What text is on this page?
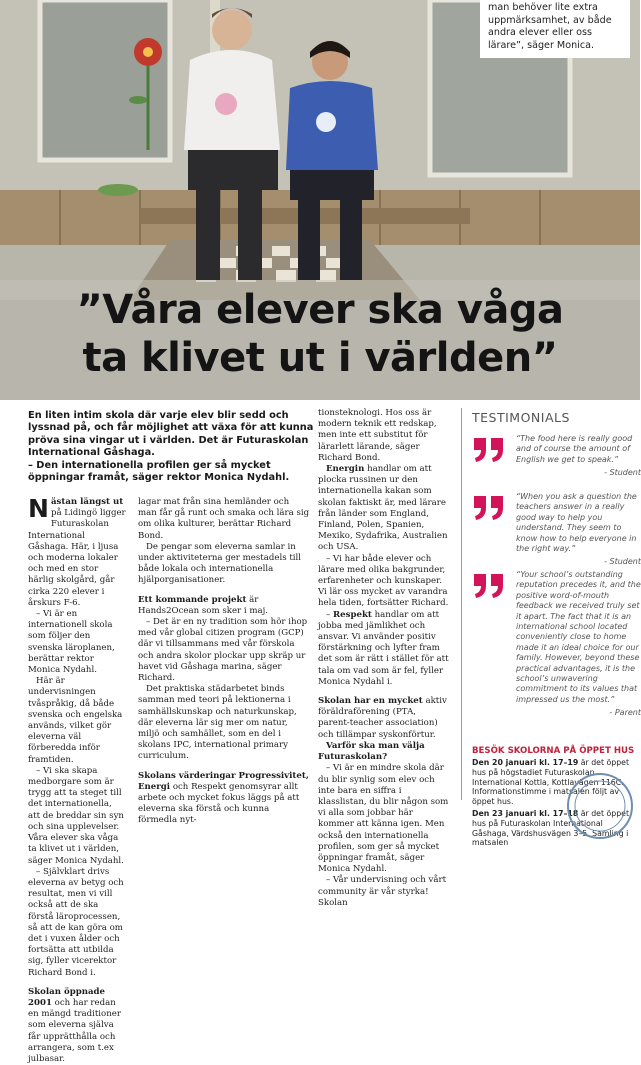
man behöver lite extra uppmärksamhet, av både andra elever eller oss lärare”, säger Monica.
”Våra elever ska våga
ta klivet ut i världen”

En liten intim skola där varje elev blir sedd och lyssnad på, och får möjlighet att växa för att kunna pröva sina vingar ut i världen. Det är Futuraskolan International Gåshaga.

– Den internationella profilen ger så mycket öppningar framåt, säger rektor Monica Nydahl.

Nästan längst ut på Lidingö ligger Futuraskolan International Gåshaga. Här, i ljusa och moderna lokaler och med en stor härlig skolgård, går cirka 220 elever i årskurs F-6.

– Vi är en internationell skola som följer den svenska läroplanen, berättar rektor Monica Nydahl.

Här är undervisningen tvåspråkig, då både svenska och engelska används, vilket gör eleverna väl förberedda inför framtiden.

– Vi ska skapa medborgare som är trygg att ta steget till det internationella, att de breddar sin syn och sina upplevelser. Våra elever ska våga ta klivet ut i världen, säger Monica Nydahl.

– Självklart drivs eleverna av betyg och resultat, men vi vill också att de ska förstå läroprocessen, så att de kan göra om det i vuxen ålder och fortsätta att utbilda sig, fyller vicerektor Richard Bond i.

Skolan öppnade 2001 och har redan en mängd traditioner som eleverna själva får upprätthålla och arrangera, som t.ex julbasar.

lagar mat från sina hemländer och man får gå runt och smaka och lära sig om olika kulturer, berättar Richard Bond.

De pengar som eleverna samlar in under aktiviteterna ger mestadels till både lokala och internationella hjälporganisationer.

Ett kommande projekt är Hands2Ocean som sker i maj.

– Det är en ny tradition som hör ihop med vår global citizen program (GCP) där vi tillsammans med vår förskola och andra skolor plockar upp skräp ur havet vid Gåshaga marina, säger Richard.

Det praktiska städarbetet binds samman med teori på lektionerna i samhällskunskap och naturkunskap, där eleverna lär sig mer om natur, miljö och samhället, som en del i skolans IPC, international primary curriculum.

Skolans värderingar Progressivitet, Energi och Respekt genomsyrar allt arbete och mycket fokus läggs på att eleverna ska förstå och kunna förmedla nyt-

tionsteknologi. Hos oss är modern teknik ett redskap, men inte ett substitut för lärarlett lärande, säger Richard Bond.

Energin handlar om att plocka russinen ur den internationella kakan som skolan faktiskt är, med lärare från länder som England, Finland, Polen, Spanien, Mexiko, Sydafrika, Australien och USA.

– Vi har både elever och lärare med olika bakgrunder, erfarenheter och kunskaper. Vi lär oss mycket av varandra hela tiden, fortsätter Richard.

– Respekt handlar om att jobba med jämlikhet och ansvar. Vi använder positiv förstärkning och lyfter fram det som är rätt i stället för att tala om vad som är fel, fyller Monica Nydahl i.

Skolan har en mycket aktiv föräldraförening (PTA, parent-teacher association) och tillämpar syskonförtur.

Varför ska man välja Futuraskolan?

– Vi är en mindre skola där du blir synlig som elev och inte bara en siffra i klasslistan, du blir någon som vi alla som jobbar här kommer att känna igen. Men också den internationella profilen, som ger så mycket öppningar framåt, säger Monica Nydahl.

– Vår undervisning och vårt community är vår styrka! Skolan

TESTIMONIALS
“The food here is really good and of course the amount of English we get to speak.”
- Student
“When you ask a question the teachers answer in a really good way to help you understand. They seem to know how to help everyone in the right way.”
- Student
“Your school’s outstanding reputation precedes it, and the positive word-of-mouth feedback we received truly set it apart. The fact that it is an international school located conveniently close to home made it an ideal choice for our family. However, beyond these practical advantages, it is the school’s unwavering commitment to its values that impressed us the most.”
- Parent
BESÖK SKOLORNA PÅ ÖPPET HUS

Den 20 januari kl. 17–19 är det öppet hus på högstadiet Futuraskolan International Kottla, Kottlavägen 116C. Informationstimme i matsalen följt av öppet hus.

Den 23 januari kl. 17–18 är det öppet hus på Futuraskolan International Gåshaga, Värdshusvägen 3–5. Samling i matsalen
